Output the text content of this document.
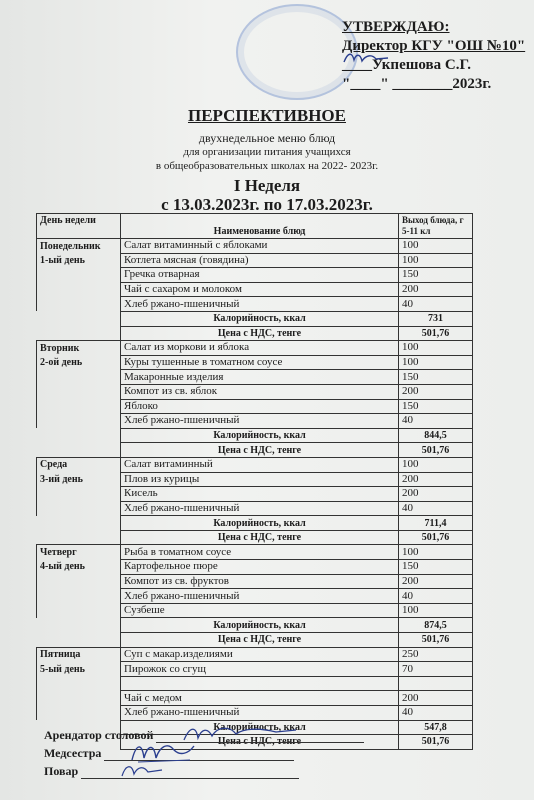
УТВЕРЖДАЮ:
Директор КГУ "ОШ №10"
____Укпешова С.Г.
"____" ________2023г.
ПЕРСПЕКТИВНОЕ
двухнедельное меню блюд
для организации питания учащихся
в общеобразовательных школах на 2022- 2023г.
I Неделя
с 13.03.2023г. по 17.03.2023г.
День недели	Наименование блюд	Выход блюда, г 5-11 кл
Понедельник	Салат витаминный с яблоками	100
1-ый день	Котлета мясная (говядина)	100
	Гречка отварная	150
	Чай с сахаром и молоком	200
	Хлеб ржано-пшеничный	40
	Калорийность, ккал	731
	Цена с НДС, тенге	501,76
Вторник	Салат из моркови и яблока	100
2-ой день	Куры тушенные в томатном соусе	100
	Макаронные изделия	150
	Компот из св. яблок	200
	Яблоко	150
	Хлеб ржано-пшеничный	40
	Калорийность, ккал	844,5
	Цена с НДС, тенге	501,76
Среда	Салат витаминный	100
3-ий день	Плов из курицы	200
	Кисель	200
	Хлеб ржано-пшеничный	40
	Калорийность, ккал	711,4
	Цена с НДС, тенге	501,76
Четверг	Рыба в томатном соусе	100
4-ый день	Картофельное пюре	150
	Компот из св. фруктов	200
	Хлеб ржано-пшеничный	40
	Сузбеше	100
	Калорийность, ккал	874,5
	Цена с НДС, тенге	501,76
Пятница	Суп с макар.изделиями	250
5-ый день	Пирожок со сгущ	70

	Чай с медом	200
	Хлеб ржано-пшеничный	40
	Калорийность, ккал	547,8
	Цена с НДС, тенге	501,76
Арендатор столовой
Медсестра
Повар
